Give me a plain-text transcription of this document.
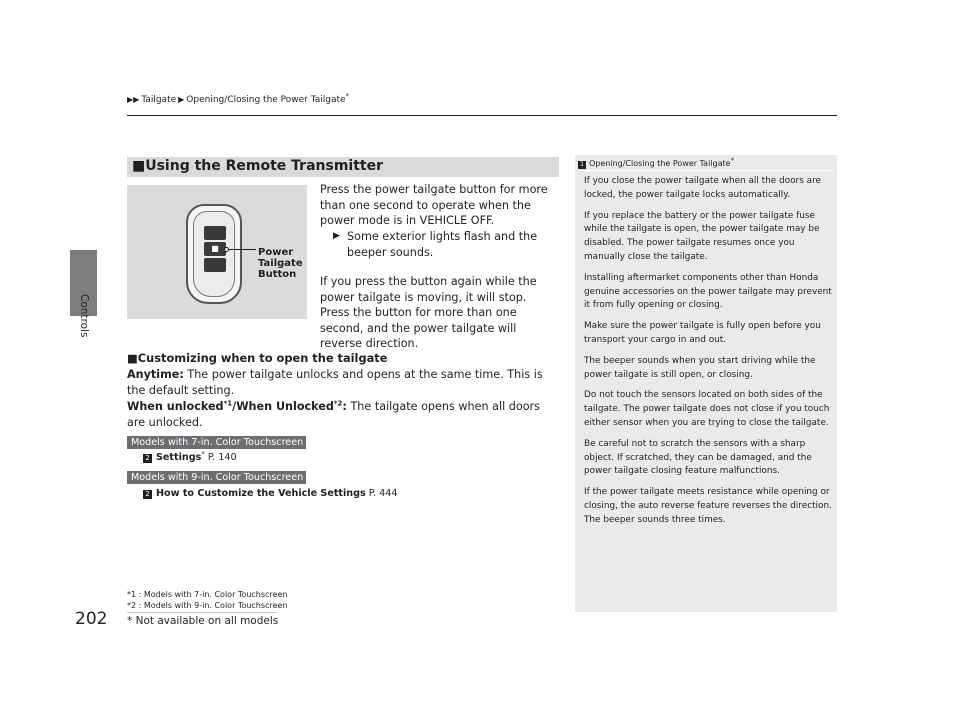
▶▶ Tailgate ▶ Opening/Closing the Power Tailgate*
Controls
202
■Using the Remote Transmitter
■	Power
Tailgate
Button
Press the power tailgate button for more than one second to operate when the power mode is in VEHICLE OFF.
▶ Some exterior lights flash and the beeper sounds.
If you press the button again while the power tailgate is moving, it will stop. Press the button for more than one second, and the power tailgate will reverse direction.
■Customizing when to open the tailgate
Anytime: The power tailgate unlocks and opens at the same time. This is the default setting.
When unlocked$^{*1}$/When Unlocked$^{*2}$: The tailgate opens when all doors are unlocked.
Models with 7-in. Color Touchscreen
2 Settings* P. 140
Models with 9-in. Color Touchscreen
2 How to Customize the Vehicle Settings P. 444
*1 : Models with 7-in. Color Touchscreen
*2 : Models with 9-in. Color Touchscreen
* Not available on all models
1 Opening/Closing the Power Tailgate*

If you close the power tailgate when all the doors are locked, the power tailgate locks automatically.

If you replace the battery or the power tailgate fuse while the tailgate is open, the power tailgate may be disabled. The power tailgate resumes once you manually close the tailgate.

Installing aftermarket components other than Honda genuine accessories on the power tailgate may prevent it from fully opening or closing.

Make sure the power tailgate is fully open before you transport your cargo in and out.

The beeper sounds when you start driving while the power tailgate is still open, or closing.

Do not touch the sensors located on both sides of the tailgate. The power tailgate does not close if you touch either sensor when you are trying to close the tailgate.

Be careful not to scratch the sensors with a sharp object. If scratched, they can be damaged, and the power tailgate closing feature malfunctions.

If the power tailgate meets resistance while opening or closing, the auto reverse feature reverses the direction. The beeper sounds three times.
